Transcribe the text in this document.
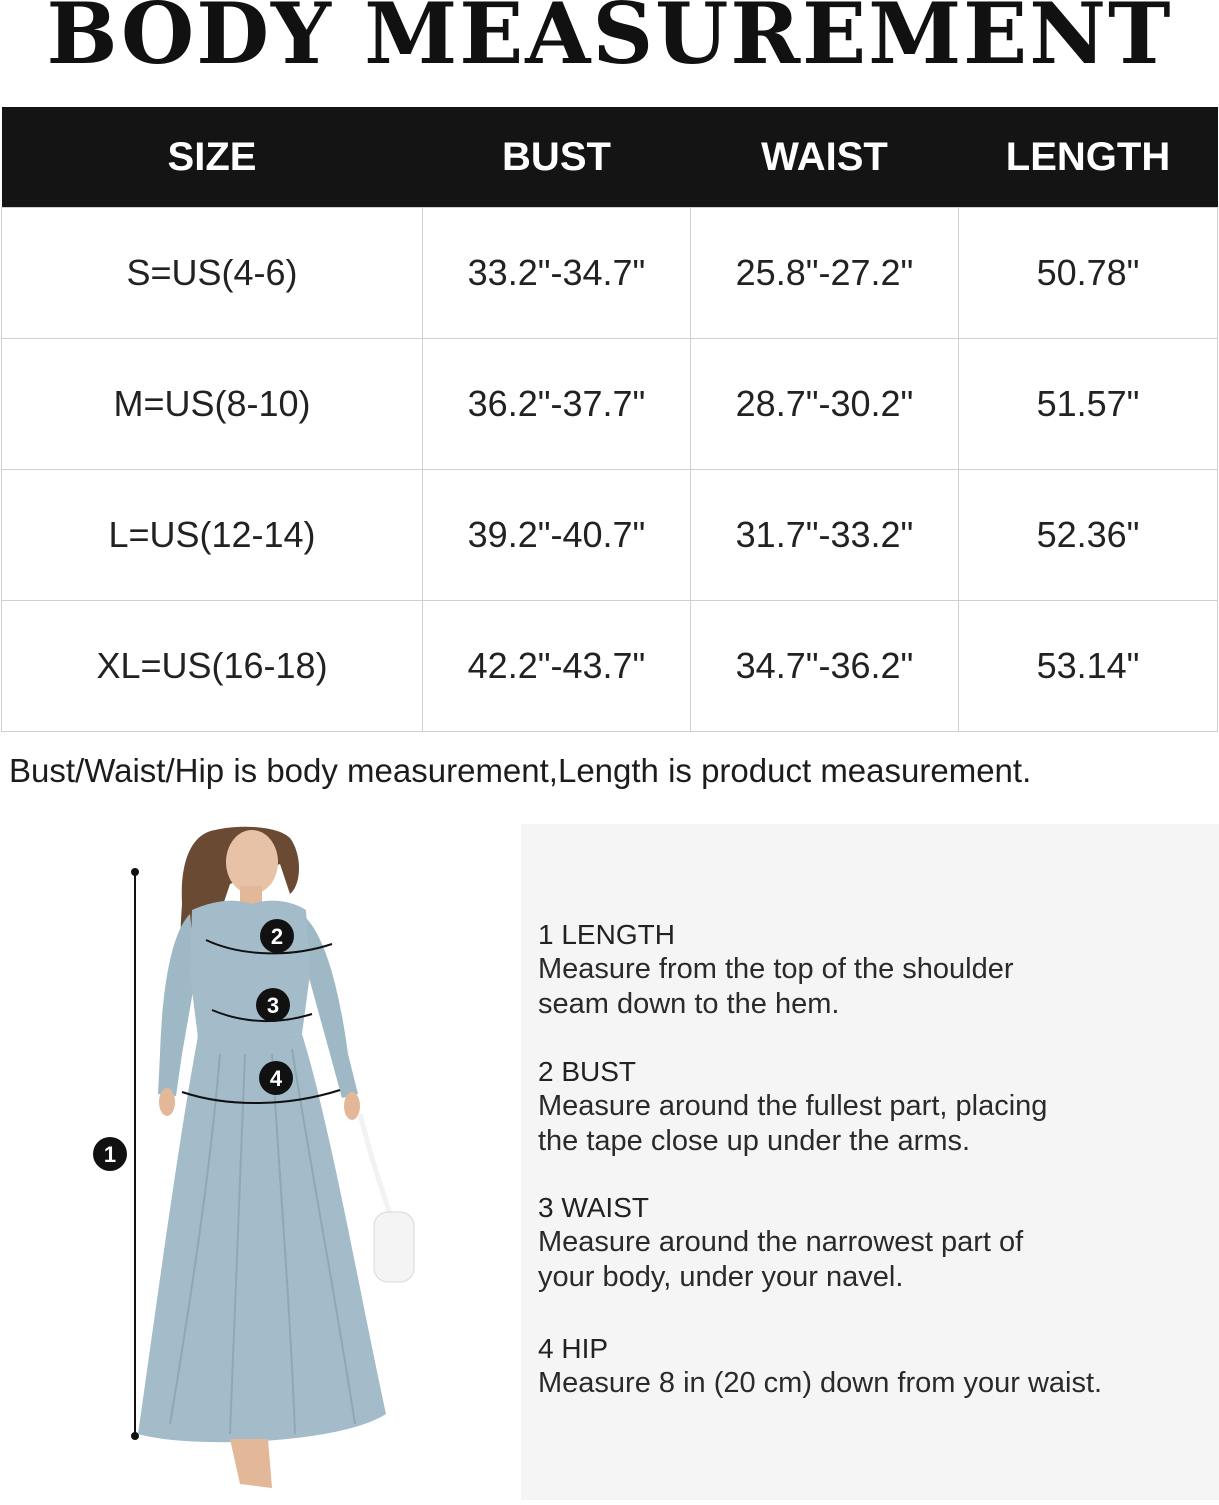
BODY MEASUREMENT
SIZE	BUST	WAIST	LENGTH
S=US(4-6)	33.2"-34.7"	25.8"-27.2"	50.78"
M=US(8-10)	36.2"-37.7"	28.7"-30.2"	51.57"
L=US(12-14)	39.2"-40.7"	31.7"-33.2"	52.36"
XL=US(16-18)	42.2"-43.7"	34.7"-36.2"	53.14"
Bust/Waist/Hip is body measurement,Length is product measurement.
1
2
3
4
1 LENGTH
Measure from the top of the shoulder
seam down to the hem.
2 BUST
Measure around the fullest part, placing
the tape close up under the arms.
3 WAIST
Measure around the narrowest part of
your body, under your navel.
4 HIP
Measure 8 in (20 cm) down from your waist.
